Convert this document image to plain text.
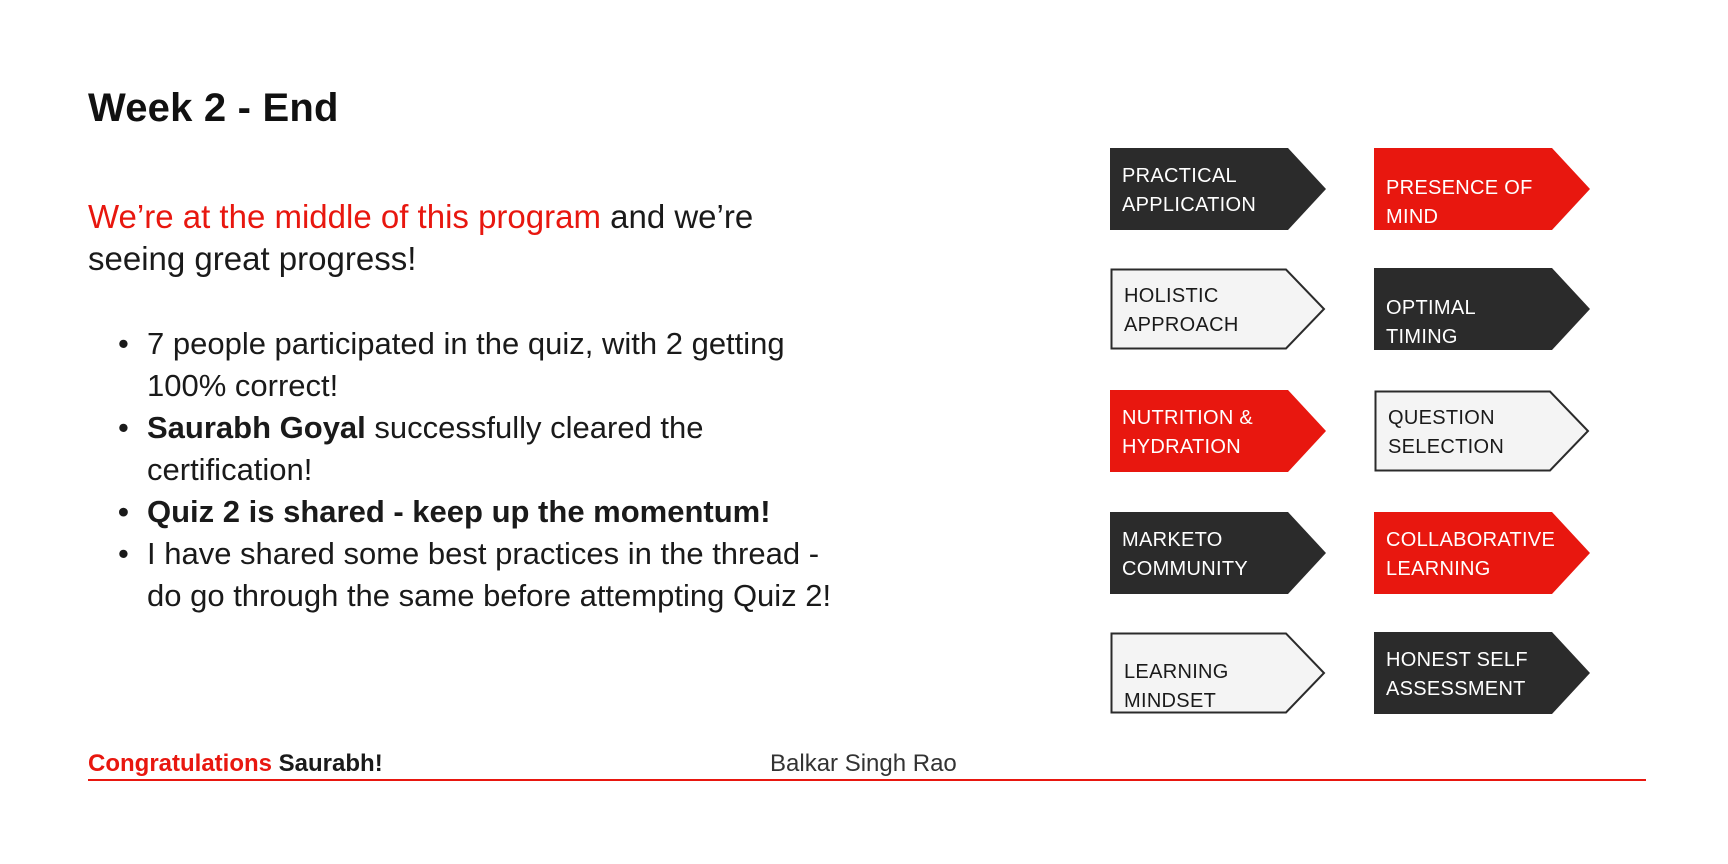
Week 2 - End

We’re at the middle of this program and we’re seeing great progress!

• 7 people participated in the quiz, with 2 getting 100% correct!
• Saurabh Goyal successfully cleared the certification!
• Quiz 2 is shared - keep up the momentum!
• I have shared some best practices in the thread - do go through the same before attempting Quiz 2!
PRACTICAL APPLICATION
PRESENCE OF MIND
HOLISTIC APPROACH
OPTIMAL TIMING
NUTRITION & HYDRATION
QUESTION SELECTION
MARKETO COMMUNITY
COLLABORATIVE LEARNING
LEARNING MINDSET
HONEST SELF ASSESSMENT
Congratulations Saurabh!	Balkar Singh Rao
